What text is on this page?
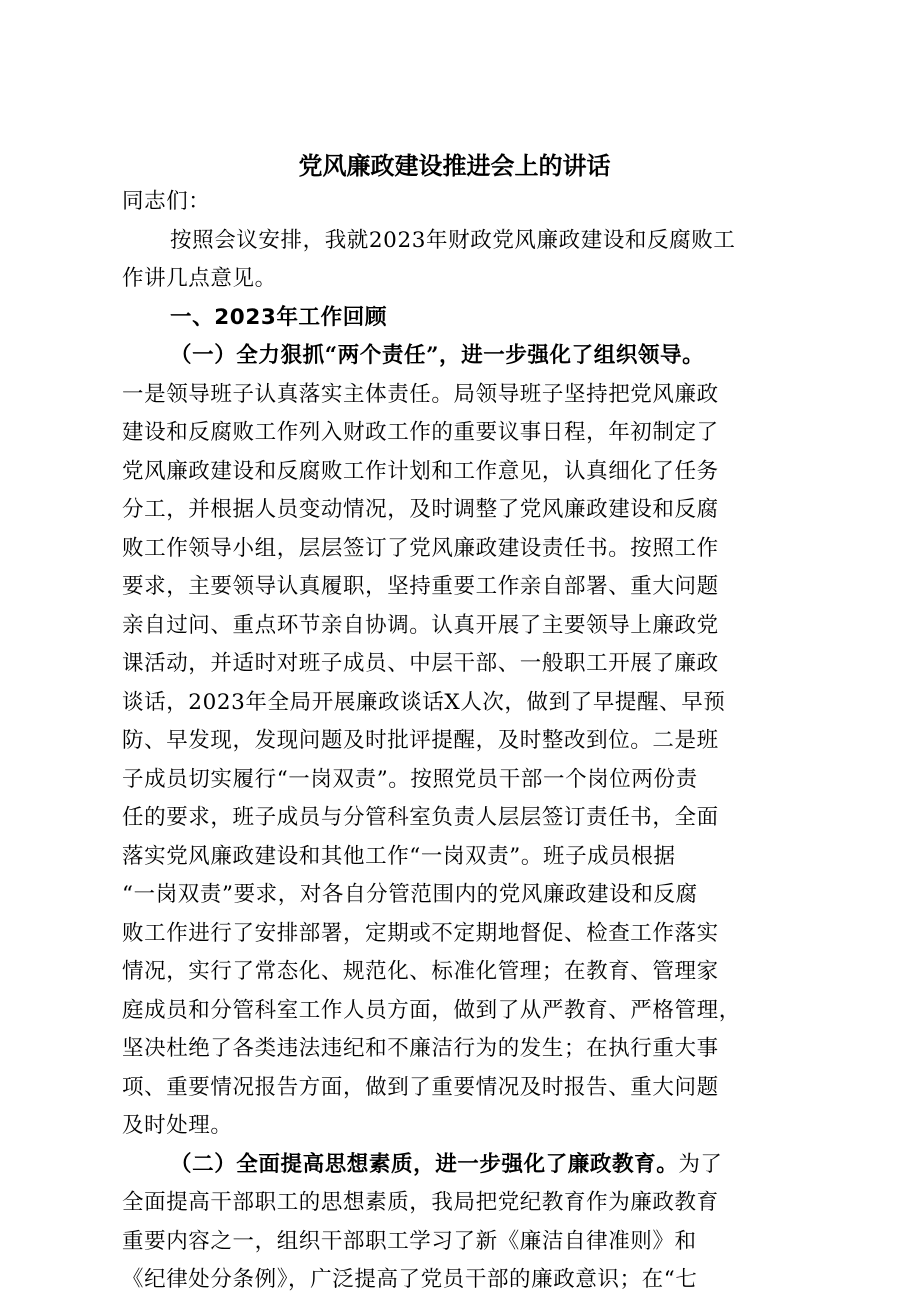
党风廉政建设推进会上的讲话
同志们：
按照会议安排，我就2023年财政党风廉政建设和反腐败工
作讲几点意见。
一、2023年工作回顾
（一）全力狠抓“两个责任”，进一步强化了组织领导。
一是领导班子认真落实主体责任。局领导班子坚持把党风廉政
建设和反腐败工作列入财政工作的重要议事日程，年初制定了
党风廉政建设和反腐败工作计划和工作意见，认真细化了任务
分工，并根据人员变动情况，及时调整了党风廉政建设和反腐
败工作领导小组，层层签订了党风廉政建设责任书。按照工作
要求，主要领导认真履职，坚持重要工作亲自部署、重大问题
亲自过问、重点环节亲自协调。认真开展了主要领导上廉政党
课活动，并适时对班子成员、中层干部、一般职工开展了廉政
谈话，2023年全局开展廉政谈话X人次，做到了早提醒、早预
防、早发现，发现问题及时批评提醒，及时整改到位。二是班
子成员切实履行“一岗双责”。按照党员干部一个岗位两份责
任的要求，班子成员与分管科室负责人层层签订责任书，全面
落实党风廉政建设和其他工作“一岗双责”。班子成员根据
“一岗双责”要求，对各自分管范围内的党风廉政建设和反腐
败工作进行了安排部署，定期或不定期地督促、检查工作落实
情况，实行了常态化、规范化、标准化管理；在教育、管理家
庭成员和分管科室工作人员方面，做到了从严教育、严格管理，
坚决杜绝了各类违法违纪和不廉洁行为的发生；在执行重大事
项、重要情况报告方面，做到了重要情况及时报告、重大问题
及时处理。
（二）全面提高思想素质，进一步强化了廉政教育。为了
全面提高干部职工的思想素质，我局把党纪教育作为廉政教育
重要内容之一，组织干部职工学习了新《廉洁自律准则》和
《纪律处分条例》，广泛提高了党员干部的廉政意识；在“七
